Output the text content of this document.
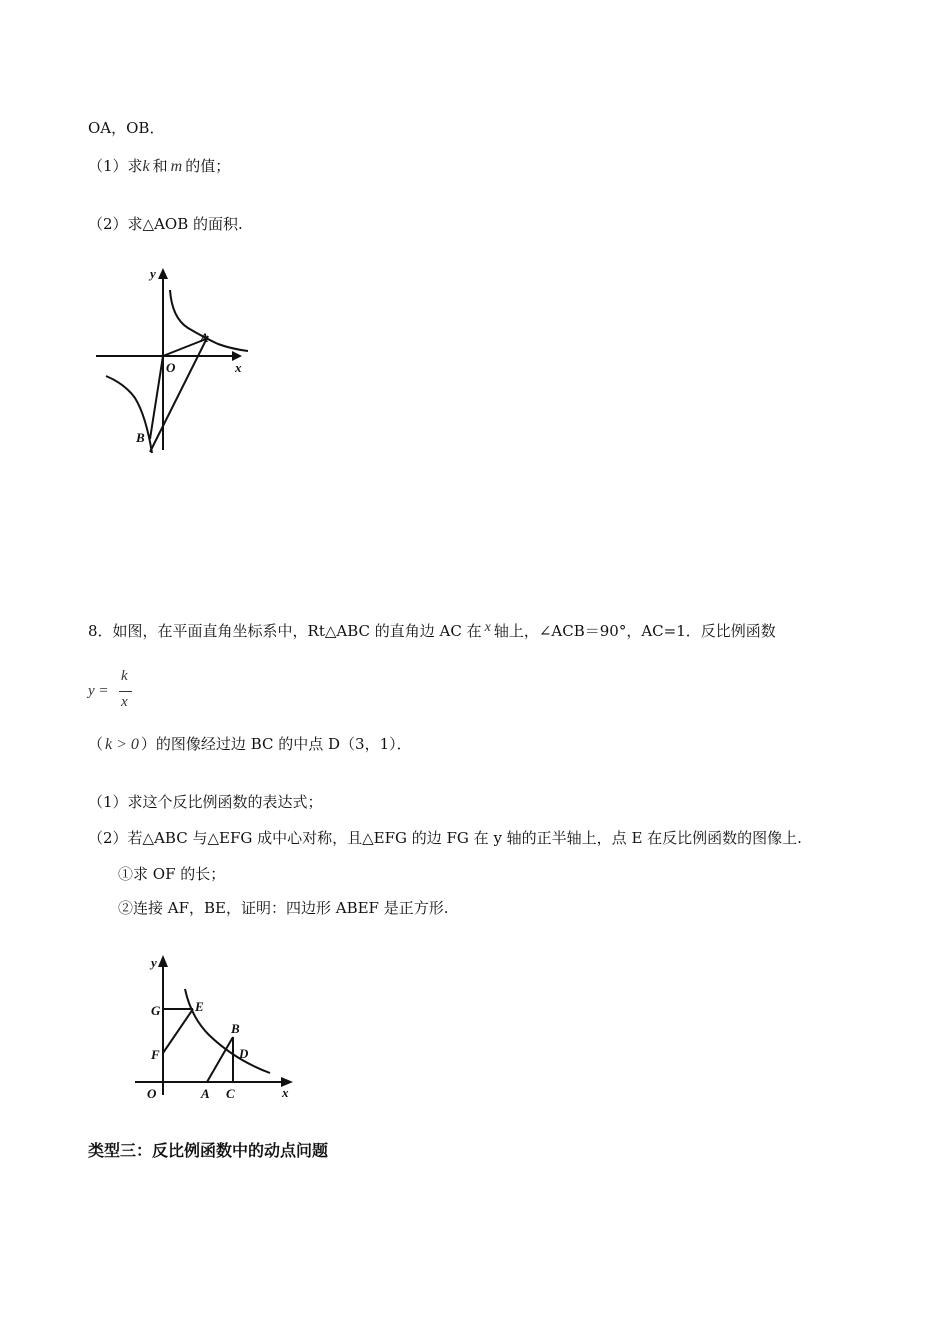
OA，OB．
（1）求k 和 m 的值；
（2）求△AOB 的面积.
y
x
A
O
B
8．如图，在平面直角坐标系中，Rt△ABC 的直角边 AC 在 x 轴上，∠ACB＝90°，AC=1．反比例函数
y =
k
x
（ k > 0 ）的图像经过边 BC 的中点 D（3，1）．
（1）求这个反比例函数的表达式；
（2）若△ABC 与△EFG 成中心对称，且△EFG 的边 FG 在 y 轴的正半轴上，点 E 在反比例函数的图像上.
①求 OF 的长；
②连接 AF，BE，证明：四边形 ABEF 是正方形.
y
x
G	E
F
B
D
O	A C
类型三：反比例函数中的动点问题
